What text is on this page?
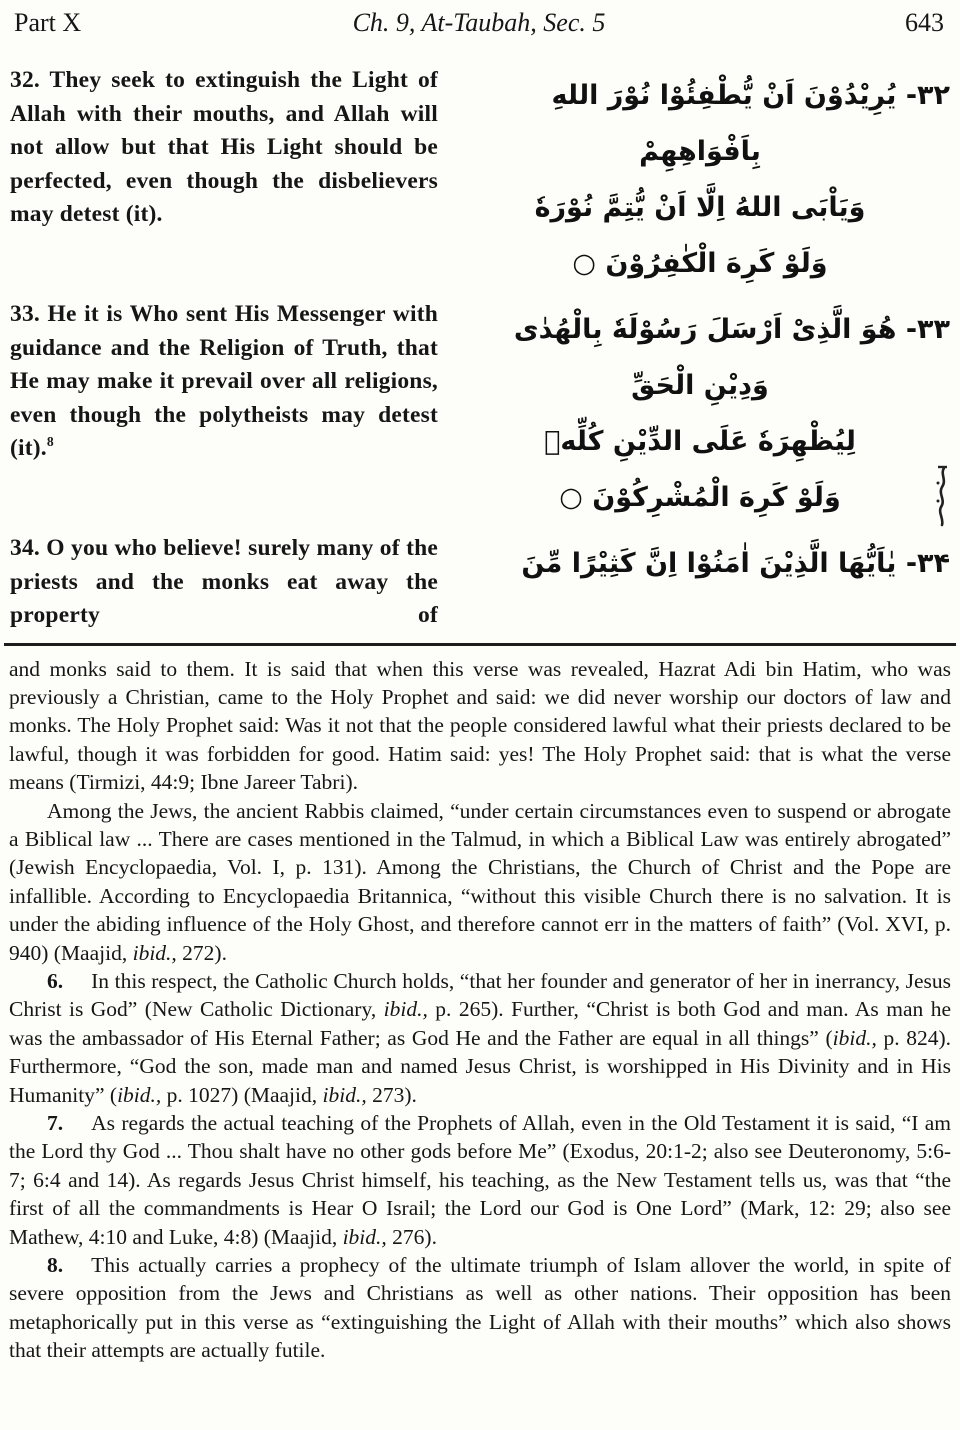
Part X	Ch. 9, At-Taubah, Sec. 5	643

32. They seek to extinguish the Light of Allah with their mouths, and Allah will not allow but that His Light should be perfected, even though the disbelievers may detest (it).

۳۲- يُرِيْدُوْنَ اَنْ يُّطْفِئُوْا نُوْرَ اللهِ
بِاَفْوَاهِهِمْ
وَيَاْبَى اللهُ اِلَّا اَنْ يُّتِمَّ نُوْرَهٗ
وَلَوْ كَرِهَ الْكٰفِرُوْنَ ○

33. He it is Who sent His Messenger with guidance and the Religion of Truth, that He may make it prevail over all religions, even though the polytheists may detest (it).$^8$

۳۳- هُوَ الَّذِىْ اَرْسَلَ رَسُوْلَهٗ بِالْهُدٰى
وَدِيْنِ الْحَقِّ
لِيُظْهِرَهٗ عَلَى الدِّيْنِ كُلِّهٖ
وَلَوْ كَرِهَ الْمُشْرِكُوْنَ ○

34. O you who believe! surely many of the priests and the monks eat away the property of

۳۴- يٰاَيُّهَا الَّذِيْنَ اٰمَنُوْا اِنَّ كَثِيْرًا مِّنَ

and monks said to them. It is said that when this verse was revealed, Hazrat Adi bin Hatim, who was previously a Christian, came to the Holy Prophet and said: we did never worship our doctors of law and monks. The Holy Prophet said: Was it not that the people considered lawful what their priests declared to be lawful, though it was forbidden for good. Hatim said: yes! The Holy Prophet said: that is what the verse means (Tirmizi, 44:9; Ibne Jareer Tabri).

Among the Jews, the ancient Rabbis claimed, “under certain circumstances even to suspend or abrogate a Biblical law ... There are cases mentioned in the Talmud, in which a Biblical Law was entirely abrogated” (Jewish Encyclopaedia, Vol. I, p. 131). Among the Christians, the Church of Christ and the Pope are infallible. According to Encyclopaedia Britannica, “without this visible Church there is no salvation. It is under the abiding influence of the Holy Ghost, and therefore cannot err in the matters of faith” (Vol. XVI, p. 940) (Maajid, ibid., 272).

6. In this respect, the Catholic Church holds, “that her founder and generator of her in inerrancy, Jesus Christ is God” (New Catholic Dictionary, ibid., p. 265). Further, “Christ is both God and man. As man he was the ambassador of His Eternal Father; as God He and the Father are equal in all things” (ibid., p. 824). Furthermore, “God the son, made man and named Jesus Christ, is worshipped in His Divinity and in His Humanity” (ibid., p. 1027) (Maajid, ibid., 273).

7. As regards the actual teaching of the Prophets of Allah, even in the Old Testament it is said, “I am the Lord thy God ... Thou shalt have no other gods before Me” (Exodus, 20:1-2; also see Deuteronomy, 5:6-7; 6:4 and 14). As regards Jesus Christ himself, his teaching, as the New Testament tells us, was that “the first of all the commandments is Hear O Israil; the Lord our God is One Lord” (Mark, 12: 29; also see Mathew, 4:10 and Luke, 4:8) (Maajid, ibid., 276).

8. This actually carries a prophecy of the ultimate triumph of Islam allover the world, in spite of severe opposition from the Jews and Christians as well as other nations. Their opposition has been metaphorically put in this verse as “extinguishing the Light of Allah with their mouths” which also shows that their attempts are actually futile.
